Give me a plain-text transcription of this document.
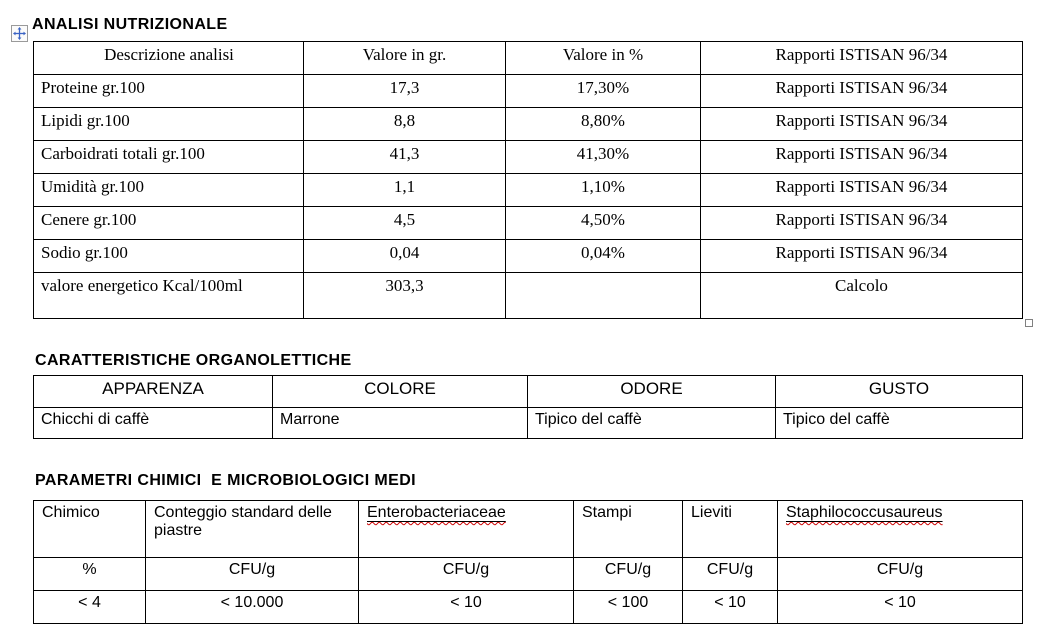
ANALISI NUTRIZIONALE
Descrizione analisi	Valore in gr.	Valore in %	Rapporti ISTISAN 96/34
Proteine gr.100	17,3	17,30%	Rapporti ISTISAN 96/34
Lipidi gr.100	8,8	8,80%	Rapporti ISTISAN 96/34
Carboidrati totali gr.100	41,3	41,30%	Rapporti ISTISAN 96/34
Umidità gr.100	1,1	1,10%	Rapporti ISTISAN 96/34
Cenere gr.100	4,5	4,50%	Rapporti ISTISAN 96/34
Sodio gr.100	0,04	0,04%	Rapporti ISTISAN 96/34
valore energetico Kcal/100ml	303,3		Calcolo
CARATTERISTICHE ORGANOLETTICHE
APPARENZA	COLORE	ODORE	GUSTO
Chicchi di caffè	Marrone	Tipico del caffè	Tipico del caffè
PARAMETRI CHIMICI  E MICROBIOLOGICI MEDI
Chimico	Conteggio standard delle piastre	Enterobacteriaceae	Stampi	Lieviti	Staphilococcusaureus
%	CFU/g	CFU/g	CFU/g	CFU/g	CFU/g
< 4	< 10.000	< 10	< 100	< 10	< 10
